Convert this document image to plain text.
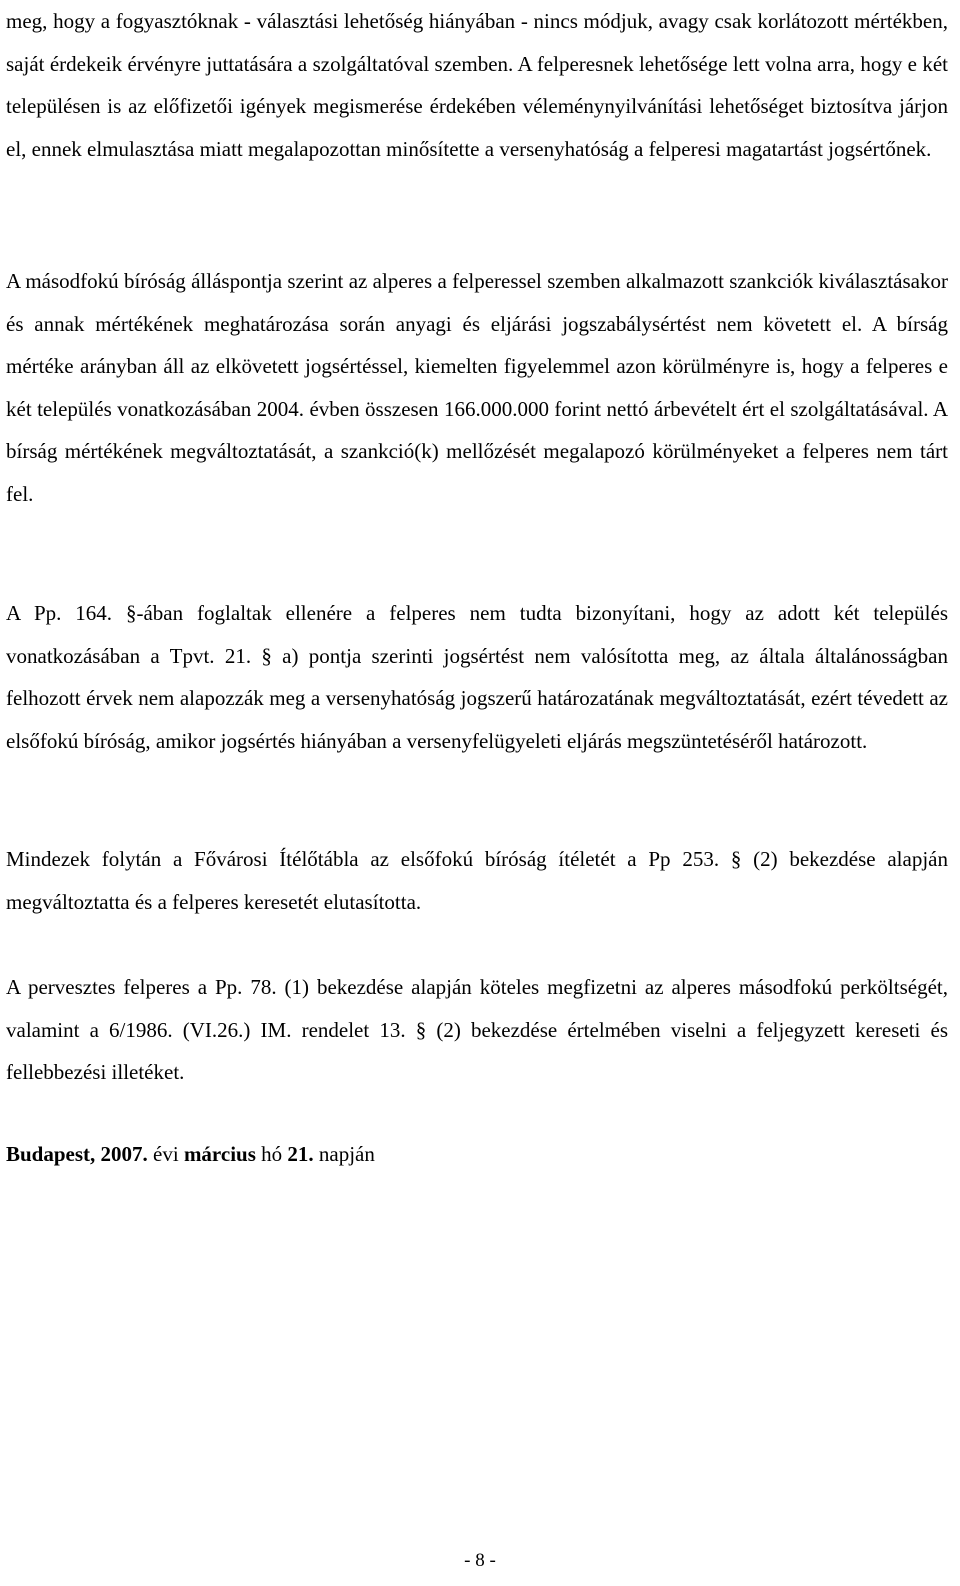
meg, hogy a fogyasztóknak - választási lehetőség hiányában - nincs módjuk, avagy csak korlátozott mértékben, saját érdekeik érvényre juttatására a szolgáltatóval szemben. A felperesnek lehetősége lett volna arra, hogy e két településen is az előfizetői igények megismerése érdekében véleménynyilvánítási lehetőséget biztosítva járjon el, ennek elmulasztása miatt megalapozottan minősítette a versenyhatóság a felperesi magatartást jogsértőnek.

A másodfokú bíróság álláspontja szerint az alperes a felperessel szemben alkalmazott szankciók kiválasztásakor és annak mértékének meghatározása során anyagi és eljárási jogszabálysértést nem követett el. A bírság mértéke arányban áll az elkövetett jogsértéssel, kiemelten figyelemmel azon körülményre is, hogy a felperes e két település vonatkozásában 2004. évben összesen 166.000.000 forint nettó árbevételt ért el szolgáltatásával. A bírság mértékének megváltoztatását, a szankció(k) mellőzését megalapozó körülményeket a felperes nem tárt fel.

A Pp. 164. §-ában foglaltak ellenére a felperes nem tudta bizonyítani, hogy az adott két település vonatkozásában a Tpvt. 21. § a) pontja szerinti jogsértést nem valósította meg, az általa általánosságban felhozott érvek nem alapozzák meg a versenyhatóság jogszerű határozatának megváltoztatását, ezért tévedett az elsőfokú bíróság, amikor jogsértés hiányában a versenyfelügyeleti eljárás megszüntetéséről határozott.

Mindezek folytán a Fővárosi Ítélőtábla az elsőfokú bíróság ítéletét a Pp 253. § (2) bekezdése alapján megváltoztatta és a felperes keresetét elutasította.

A pervesztes felperes a Pp. 78. (1) bekezdése alapján köteles megfizetni az alperes másodfokú perköltségét, valamint a 6/1986. (VI.26.) IM. rendelet 13. § (2) bekezdése értelmében viselni a feljegyzett kereseti és fellebbezési illetéket.

Budapest, 2007. évi március hó 21. napján

- 8 -
